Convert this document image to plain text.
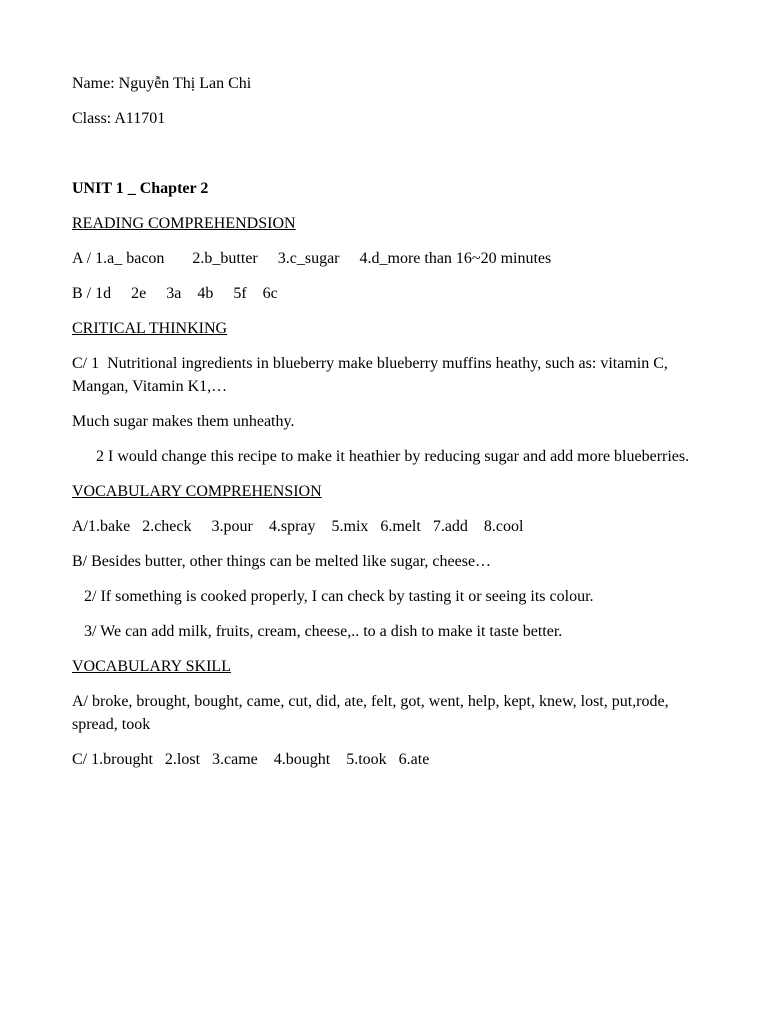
Name: Nguyễn Thị Lan Chi

Class: A11701

UNIT 1 _ Chapter 2

READING COMPREHENDSION

A / 1.a_ bacon       2.b_butter     3.c_sugar     4.d_more than 16~20 minutes

B / 1d     2e     3a    4b     5f    6c

CRITICAL THINKING

C/ 1  Nutritional ingredients in blueberry make blueberry muffins heathy, such as: vitamin C, Mangan, Vitamin K1,…

Much sugar makes them unheathy.

2 I would change this recipe to make it heathier by reducing sugar and add more blueberries.

VOCABULARY COMPREHENSION

A/1.bake   2.check     3.pour    4.spray    5.mix   6.melt   7.add    8.cool

B/ Besides butter, other things can be melted like sugar, cheese…

2/ If something is cooked properly, I can check by tasting it or seeing its colour.

3/ We can add milk, fruits, cream, cheese,.. to a dish to make it taste better.

VOCABULARY SKILL

A/ broke, brought, bought, came, cut, did, ate, felt, got, went, help, kept, knew, lost, put,rode, spread, took

C/ 1.brought   2.lost   3.came    4.bought    5.took   6.ate
